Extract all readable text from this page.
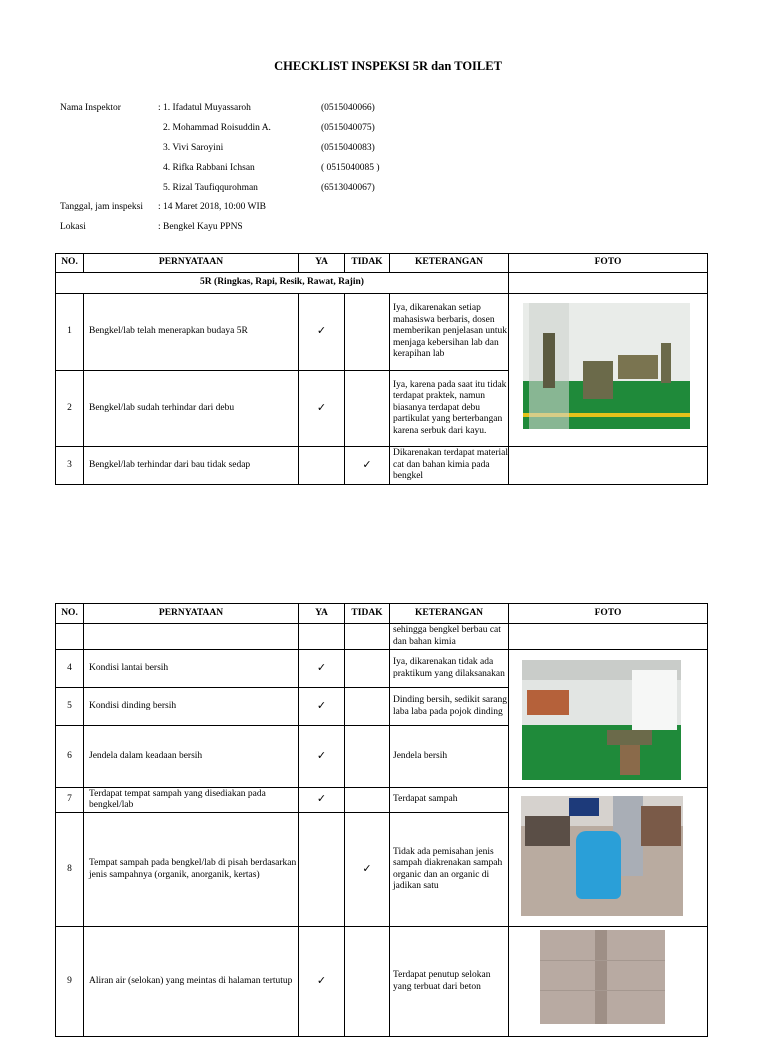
CHECKLIST INSPEKSI 5R dan TOILET
Nama Inspektor	: 1. Ifadatul Muyassaroh	(0515040066)
2. Mohammad Roisuddin A.	(0515040075)
3. Vivi Saroyini	(0515040083)
4. Rifka Rabbani Ichsan	( 0515040085 )
5. Rizal Taufiqqurohman	(6513040067)
Tanggal, jam inspeksi : 14 Maret 2018, 10:00 WIB
Lokasi	: Bengkel Kayu PPNS
NO.	PERNYATAAN	YA	TIDAK	KETERANGAN	FOTO
5R (Ringkas, Rapi, Resik, Rawat, Rajin)					
1	Bengkel/lab telah menerapkan budaya 5R	✓		Iya, dikarenakan setiap mahasiswa berbaris, dosen memberikan penjelasan untuk menjaga kebersihan lab dan kerapihan lab	
2	Bengkel/lab sudah terhindar dari debu	✓		Iya, karena pada saat itu tidak terdapat praktek, namun biasanya terdapat debu partikulat yang berterbangan karena serbuk dari kayu.	
3	Bengkel/lab terhindar dari bau tidak sedap		✓	Dikarenakan terdapat material cat dan bahan kimia pada bengkel	
NO.	PERNYATAAN	YA	TIDAK	KETERANGAN	FOTO
				sehingga bengkel berbau cat dan bahan kimia	
4	Kondisi lantai bersih	✓		Iya, dikarenakan tidak ada praktikum yang dilaksanakan	
5	Kondisi dinding bersih	✓		Dinding bersih, sedikit sarang laba laba pada pojok dinding	
6	Jendela dalam keadaan bersih	✓		Jendela bersih	
7	Terdapat tempat sampah yang disediakan pada bengkel/lab	✓		Terdapat sampah	
8	Tempat sampah pada bengkel/lab di pisah berdasarkan jenis sampahnya (organik, anorganik, kertas)		✓	Tidak ada pemisahan jenis sampah diakrenakan sampah organic dan an organic di jadikan satu	
9	Aliran air (selokan) yang meintas di halaman tertutup	✓		Terdapat penutup selokan yang terbuat dari beton	
